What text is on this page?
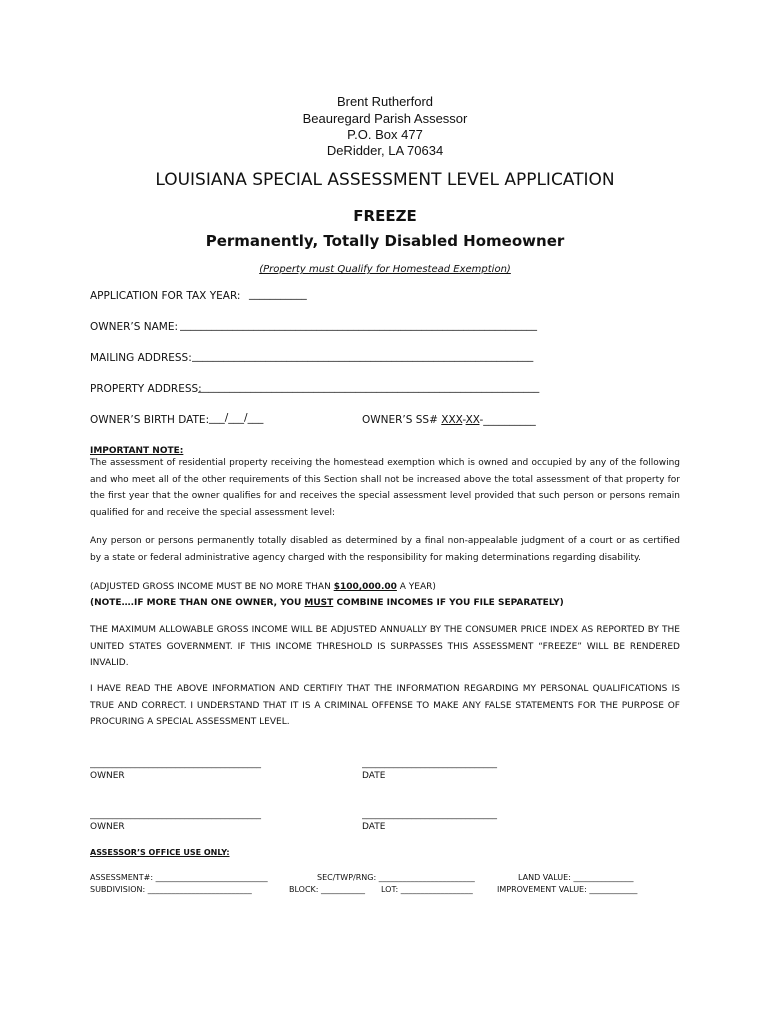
Brent Rutherford
Beauregard Parish Assessor
P.O. Box 477
DeRidder, LA 70634
LOUISIANA SPECIAL ASSESSMENT LEVEL APPLICATION
FREEZE
Permanently, Totally Disabled Homeowner
(Property must Qualify for Homestead Exemption)
APPLICATION FOR TAX YEAR: ___________
OWNER’S NAME: ____________________________________________________________________
MAILING ADDRESS: _________________________________________________________________
PROPERTY ADDRESS:
_________________________________________________________________
OWNER’S BIRTH DATE: ___/___/___	OWNER’S SS# XXX-XX-__________
IMPORTANT NOTE:
The assessment of residential property receiving the homestead exemption which is owned and occupied by any of the following and who meet all of the other requirements of this Section shall not be increased above the total assessment of that property for the first year that the owner qualifies for and receives the special assessment level provided that such person or persons remain qualified for and receive the special assessment level:
Any person or persons permanently totally disabled as determined by a final non-appealable judgment of a court or as certified by a state or federal administrative agency charged with the responsibility for making determinations regarding disability.
(ADJUSTED GROSS INCOME MUST BE NO MORE THAN $100,000.00 A YEAR)
(NOTE….IF MORE THAN ONE OWNER, YOU MUST COMBINE INCOMES IF YOU FILE SEPARATELY)
THE MAXIMUM ALLOWABLE GROSS INCOME WILL BE ADJUSTED ANNUALLY BY THE CONSUMER PRICE INDEX AS REPORTED BY THE UNITED STATES GOVERNMENT. IF THIS INCOME THRESHOLD IS SURPASSES THIS ASSESSMENT “FREEZE” WILL BE RENDERED INVALID.
I HAVE READ THE ABOVE INFORMATION AND CERTIFIY THAT THE INFORMATION REGARDING MY PERSONAL QUALIFICATIONS IS TRUE AND CORRECT. I UNDERSTAND THAT IT IS A CRIMINAL OFFENSE TO MAKE ANY FALSE STATEMENTS FOR THE PURPOSE OF PROCURING A SPECIAL ASSESSMENT LEVEL.
______________________________________	______________________________
OWNER	DATE
______________________________________	______________________________
OWNER	DATE
ASSESSOR’S OFFICE USE ONLY:
ASSESSMENT#: ____________________________	SEC/TWP/RNG: ________________________	LAND VALUE: _______________
SUBDIVISION: __________________________	BLOCK: ___________ LOT: __________________	IMPROVEMENT VALUE: ____________
